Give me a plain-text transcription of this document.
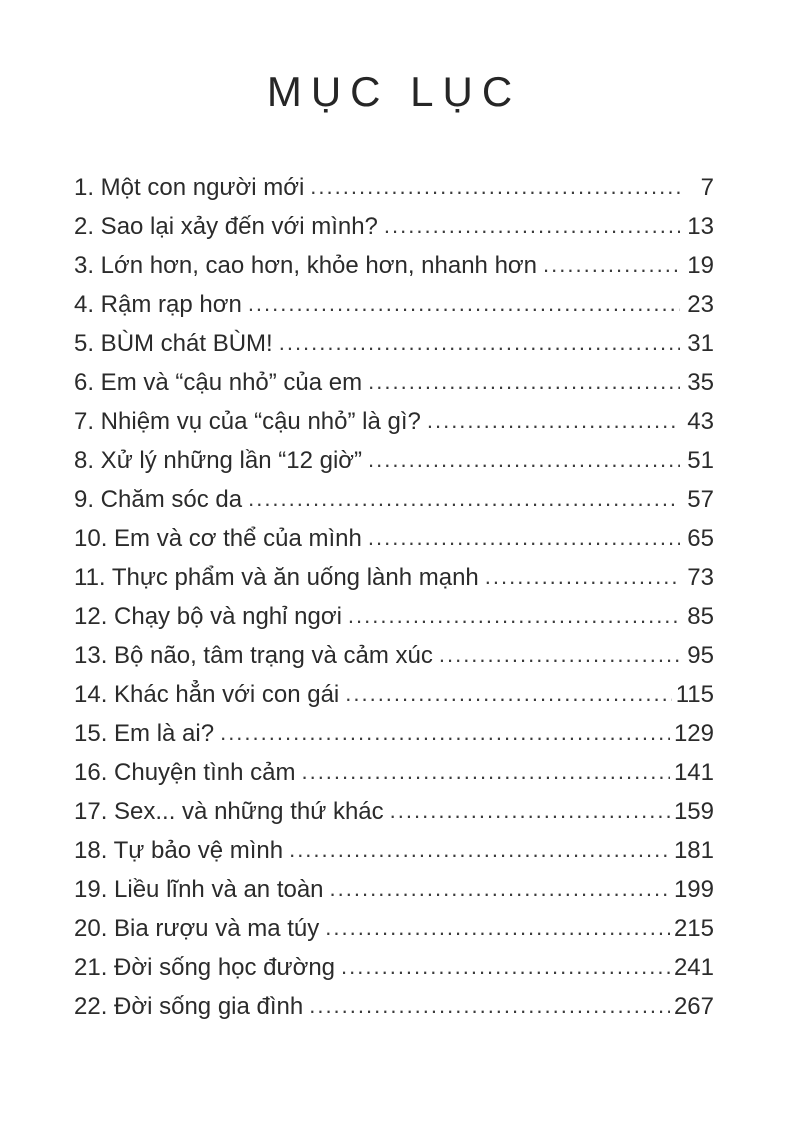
MỤC LỤC
1. Một con người mới .....	7
2. Sao lại xảy đến với mình? .....	13
3. Lớn hơn, cao hơn, khỏe hơn, nhanh hơn .....	19
4. Rậm rạp hơn .....	23
5. BÙM chát BÙM! .....	31
6. Em và “cậu nhỏ” của em .....	35
7. Nhiệm vụ của “cậu nhỏ” là gì? .....	43
8. Xử lý những lần “12 giờ” .....	51
9. Chăm sóc da .....	57
10. Em và cơ thể của mình .....	65
11. Thực phẩm và ăn uống lành mạnh .....	73
12. Chạy bộ và nghỉ ngơi .....	85
13. Bộ não, tâm trạng và cảm xúc .....	95
14. Khác hẳn với con gái .....	115
15. Em là ai? .....	129
16. Chuyện tình cảm .....	141
17. Sex... và những thứ khác .....	159
18. Tự bảo vệ mình .....	181
19. Liều lĩnh và an toàn .....	199
20. Bia rượu và ma túy .....	215
21. Đời sống học đường .....	241
22. Đời sống gia đình .....	267
